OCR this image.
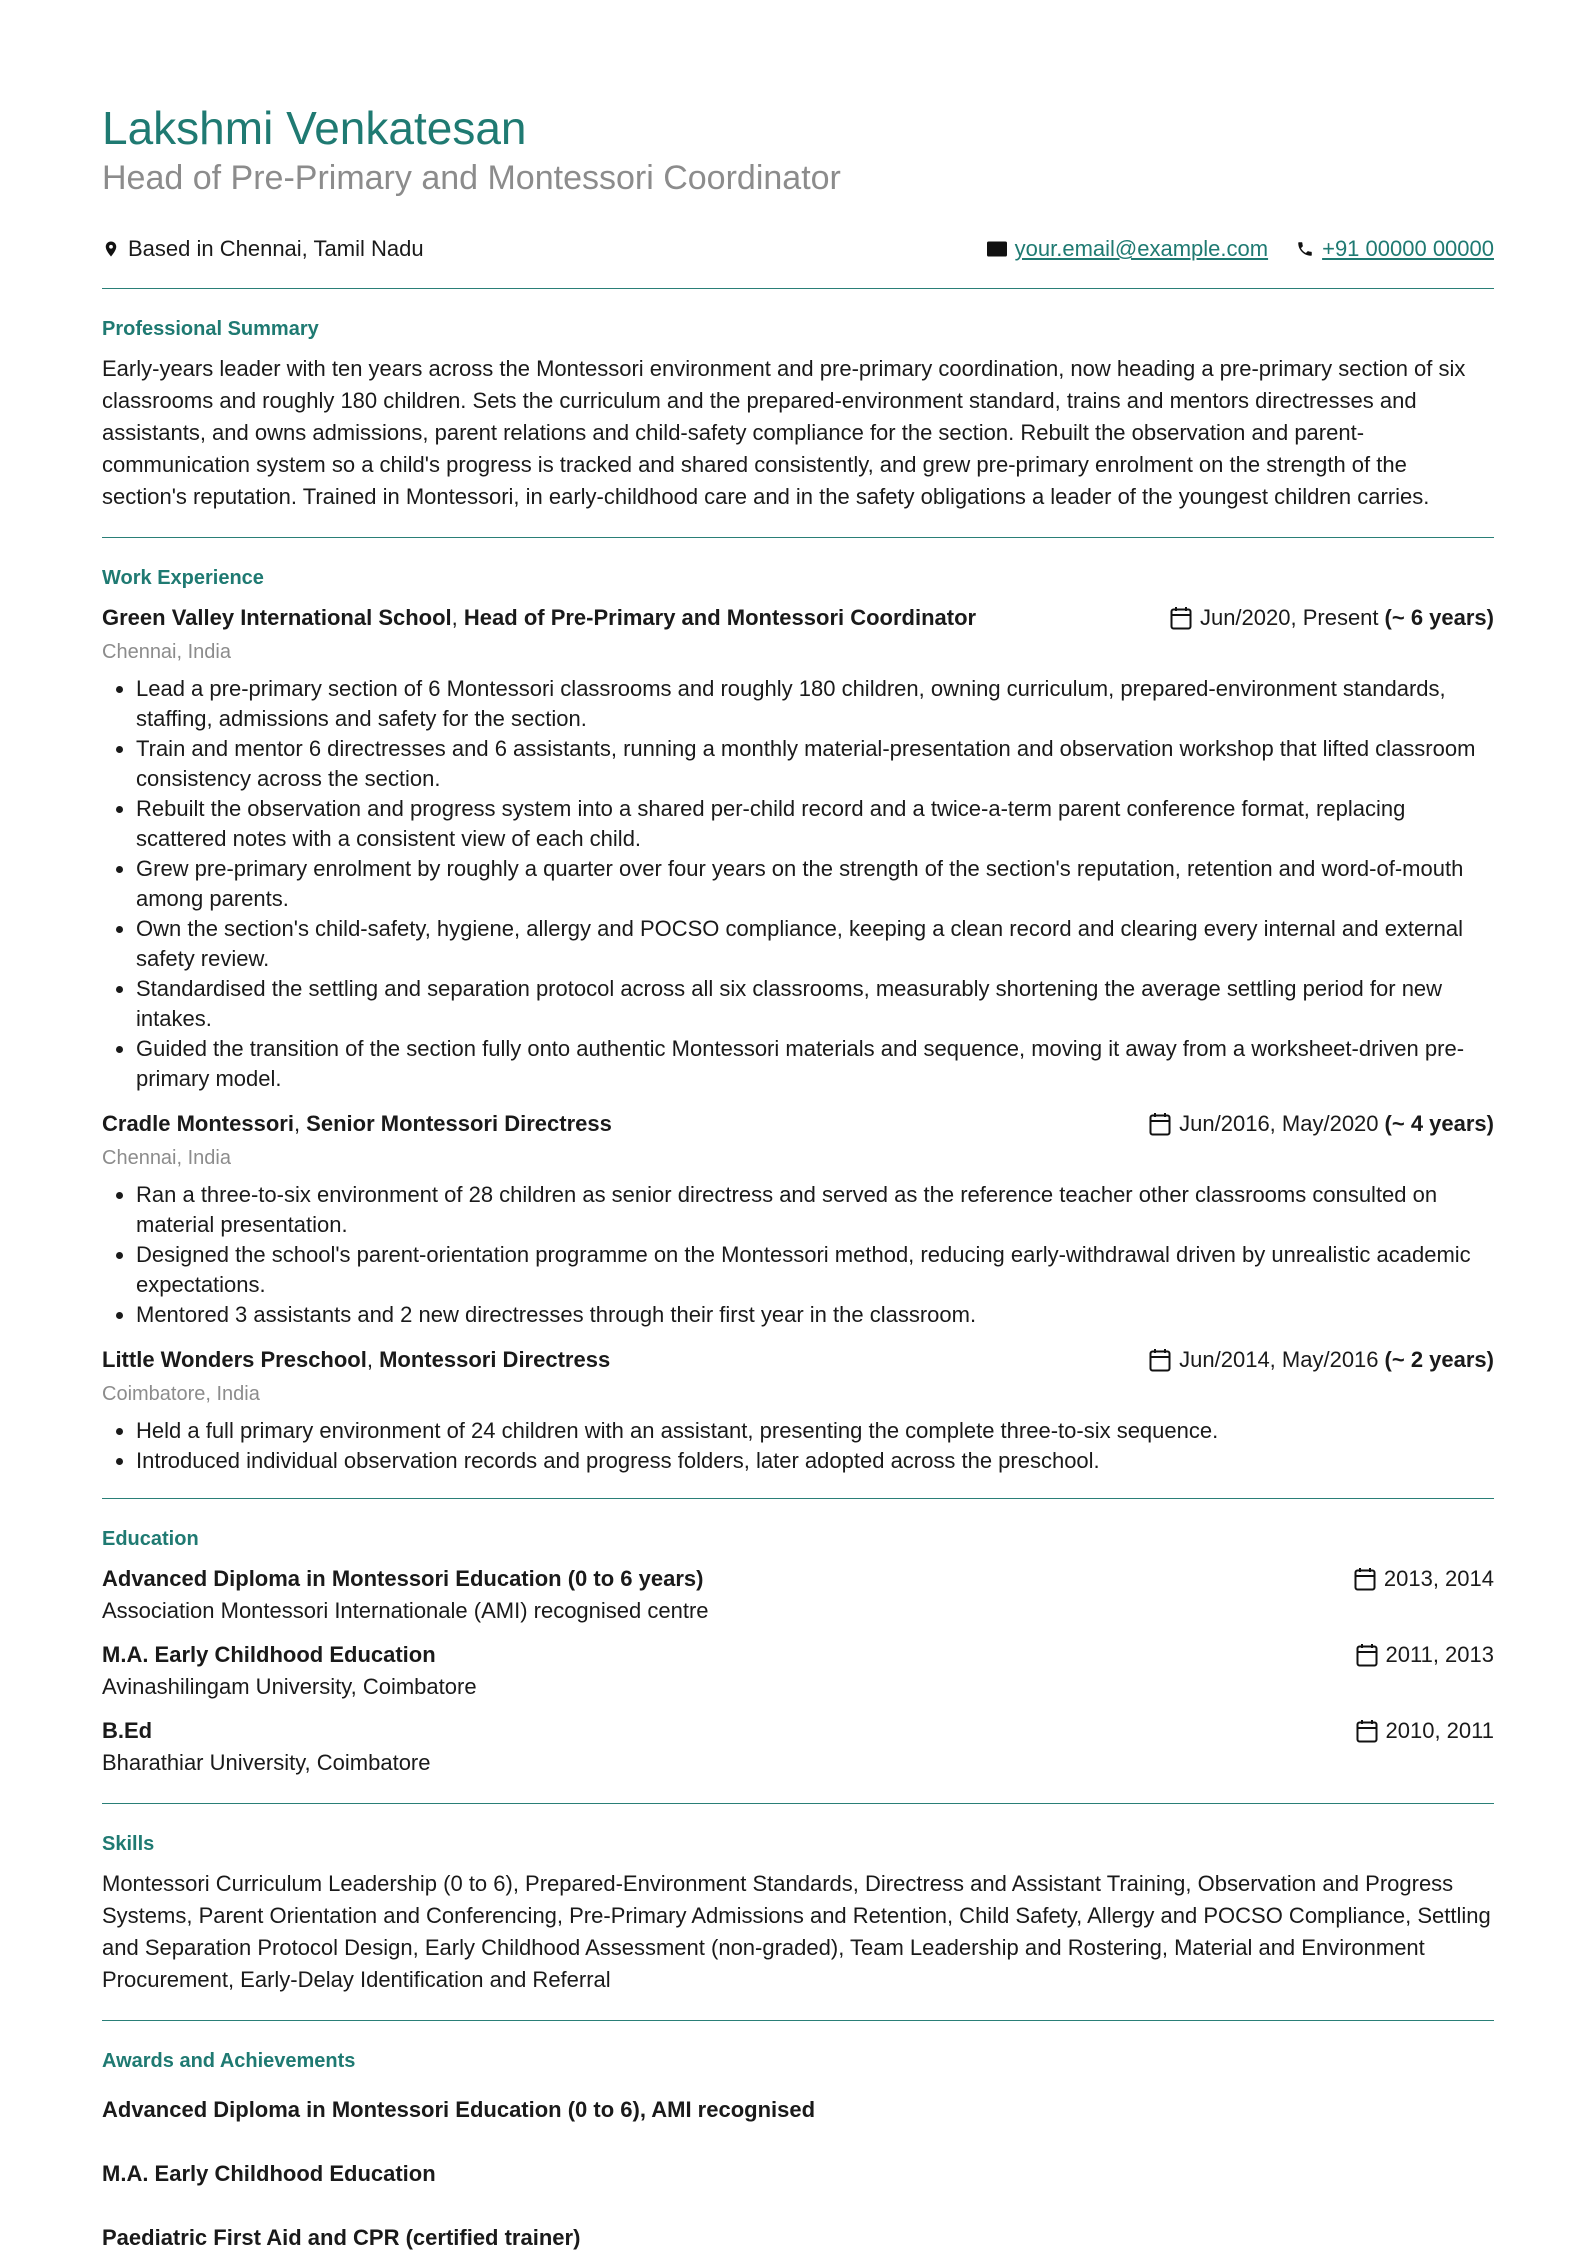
Lakshmi Venkatesan
Head of Pre-Primary and Montessori Coordinator
Based in Chennai, Tamil Nadu	your.email@example.com +91 00000 00000
Professional Summary

Early-years leader with ten years across the Montessori environment and pre-primary coordination, now heading a pre-primary section of six classrooms and roughly 180 children. Sets the curriculum and the prepared-environment standard, trains and mentors directresses and assistants, and owns admissions, parent relations and child-safety compliance for the section. Rebuilt the observation and parent-communication system so a child's progress is tracked and shared consistently, and grew pre-primary enrolment on the strength of the section's reputation. Trained in Montessori, in early-childhood care and in the safety obligations a leader of the youngest children carries.

Work Experience
Green Valley International School, Head of Pre-Primary and Montessori Coordinator	Jun/2020, Present (~ 6 years)
Chennai, India
• Lead a pre-primary section of 6 Montessori classrooms and roughly 180 children, owning curriculum, prepared-environment standards, staffing, admissions and safety for the section.
• Train and mentor 6 directresses and 6 assistants, running a monthly material-presentation and observation workshop that lifted classroom consistency across the section.
• Rebuilt the observation and progress system into a shared per-child record and a twice-a-term parent conference format, replacing scattered notes with a consistent view of each child.
• Grew pre-primary enrolment by roughly a quarter over four years on the strength of the section's reputation, retention and word-of-mouth among parents.
• Own the section's child-safety, hygiene, allergy and POCSO compliance, keeping a clean record and clearing every internal and external safety review.
• Standardised the settling and separation protocol across all six classrooms, measurably shortening the average settling period for new intakes.
• Guided the transition of the section fully onto authentic Montessori materials and sequence, moving it away from a worksheet-driven pre-primary model.
Cradle Montessori, Senior Montessori Directress	Jun/2016, May/2020 (~ 4 years)
Chennai, India
• Ran a three-to-six environment of 28 children as senior directress and served as the reference teacher other classrooms consulted on material presentation.
• Designed the school's parent-orientation programme on the Montessori method, reducing early-withdrawal driven by unrealistic academic expectations.
• Mentored 3 assistants and 2 new directresses through their first year in the classroom.
Little Wonders Preschool, Montessori Directress	Jun/2014, May/2016 (~ 2 years)
Coimbatore, India
• Held a full primary environment of 24 children with an assistant, presenting the complete three-to-six sequence.
• Introduced individual observation records and progress folders, later adopted across the preschool.
Education
Advanced Diploma in Montessori Education (0 to 6 years)	2013, 2014
Association Montessori Internationale (AMI) recognised centre
M.A. Early Childhood Education	2011, 2013
Avinashilingam University, Coimbatore
B.Ed	2010, 2011
Bharathiar University, Coimbatore
Skills

Montessori Curriculum Leadership (0 to 6), Prepared-Environment Standards, Directress and Assistant Training, Observation and Progress Systems, Parent Orientation and Conferencing, Pre-Primary Admissions and Retention, Child Safety, Allergy and POCSO Compliance, Settling and Separation Protocol Design, Early Childhood Assessment (non-graded), Team Leadership and Rostering, Material and Environment Procurement, Early-Delay Identification and Referral

Awards and Achievements
Advanced Diploma in Montessori Education (0 to 6), AMI recognised
M.A. Early Childhood Education
Paediatric First Aid and CPR (certified trainer)
